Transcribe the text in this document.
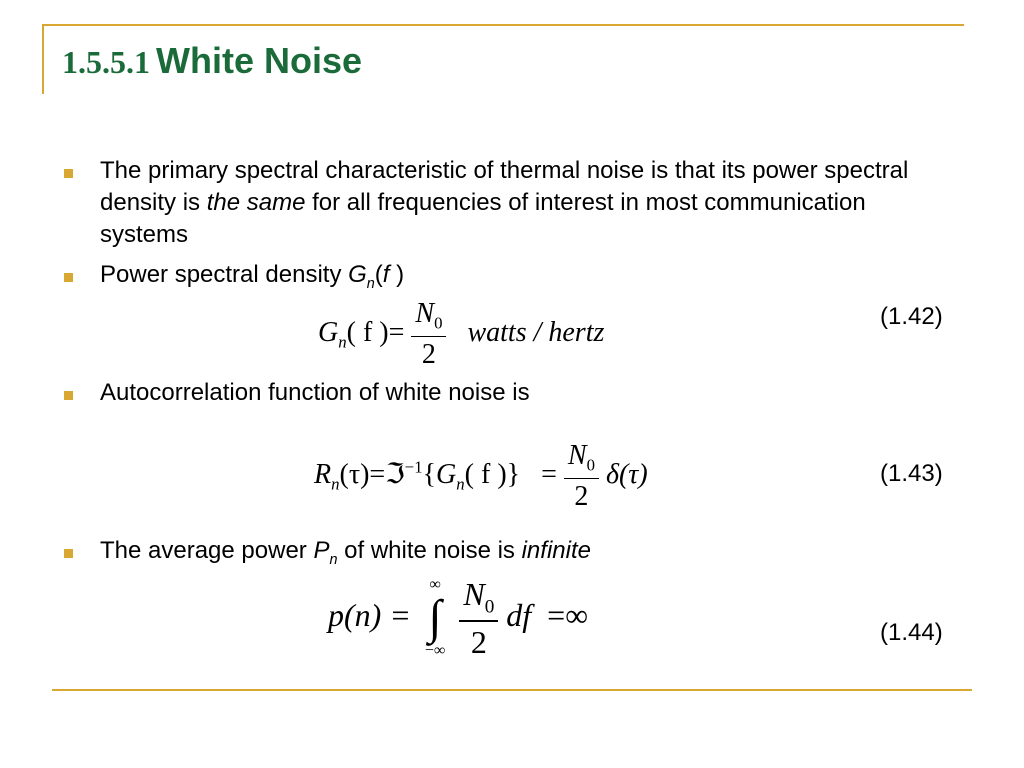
1.5.5.1 White Noise
The primary spectral characteristic of thermal noise is that its power spectral density is the same for all frequencies of interest in most communication systems
Power spectral density $G_n(f$ )
$G_n$( f )= $\frac{N_0}{2}$ watts / hertz
(1.42)
Autocorrelation function of white noise is
$R_n(\tau)=ℑ^{-1}\{G_n$( f )} = $\frac{N_0}{2} \delta(\tau)$	(1.43)
The average power $P_n$ of white noise is infinite
p(n) =
∞
∫
−∞
$\frac{N_0}{2}$ df =∞	(1.44)
